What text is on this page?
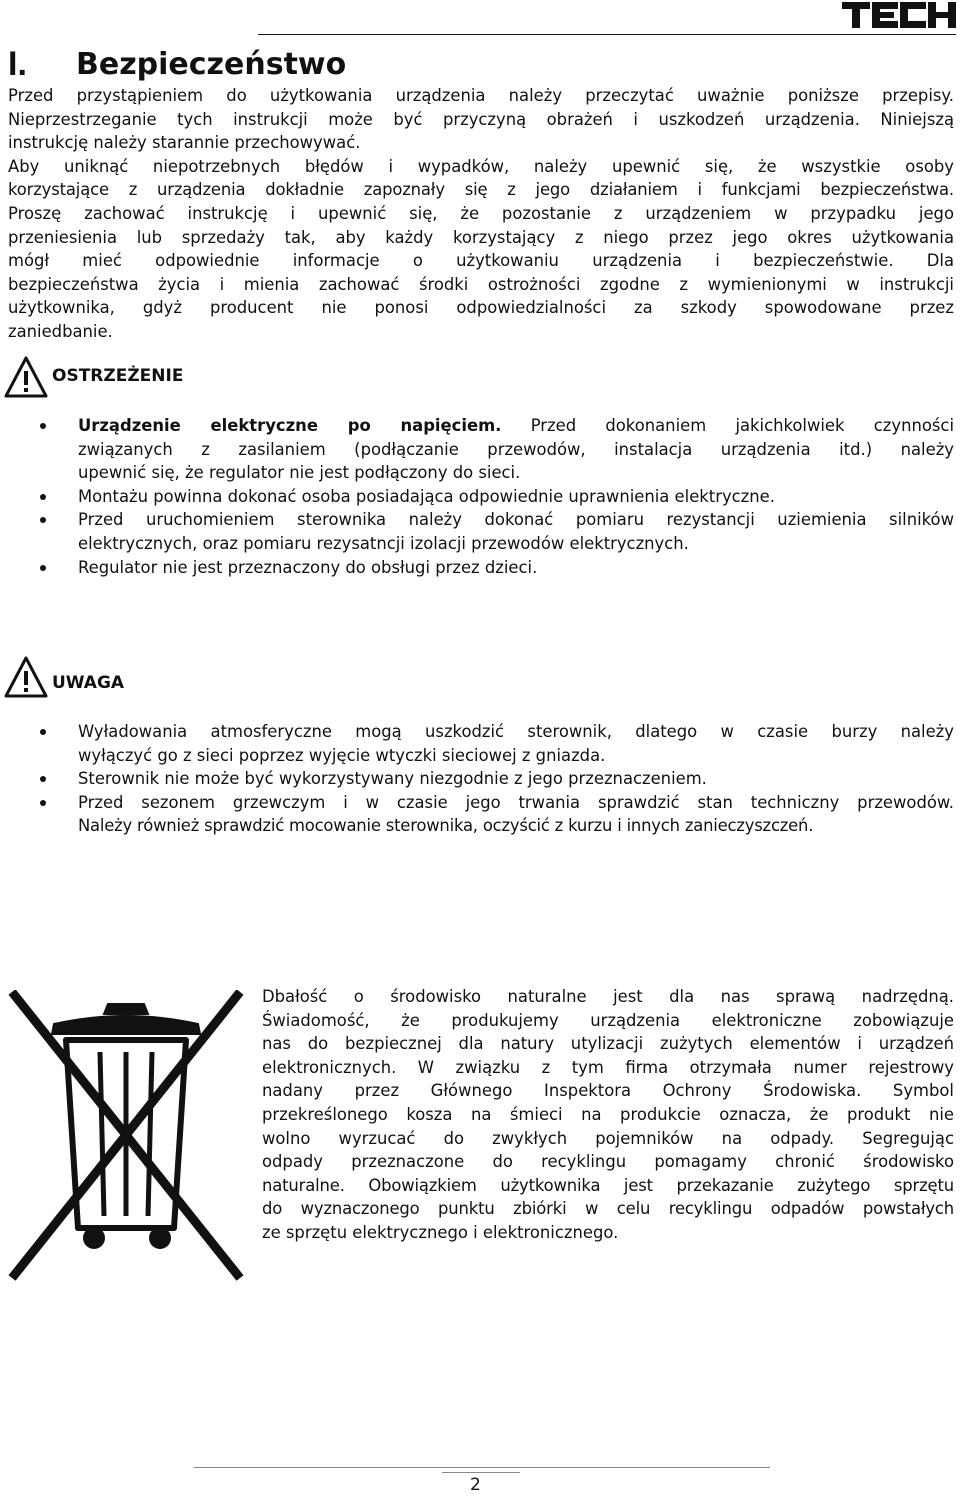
I. Bezpieczeństwo
Przed przystąpieniem do użytkowania urządzenia należy przeczytać uważnie poniższe przepisy.
Nieprzestrzeganie tych instrukcji może być przyczyną obrażeń i uszkodzeń urządzenia. Niniejszą
instrukcję należy starannie przechowywać.
Aby uniknąć niepotrzebnych błędów i wypadków, należy upewnić się, że wszystkie osoby
korzystające z urządzenia dokładnie zapoznały się z jego działaniem i funkcjami bezpieczeństwa.
Proszę zachować instrukcję i upewnić się, że pozostanie z urządzeniem w przypadku jego
przeniesienia lub sprzedaży tak, aby każdy korzystający z niego przez jego okres użytkowania
mógł mieć odpowiednie informacje o użytkowaniu urządzenia i bezpieczeństwie. Dla
bezpieczeństwa życia i mienia zachować środki ostrożności zgodne z wymienionymi w instrukcji
użytkownika, gdyż producent nie ponosi odpowiedzialności za szkody spowodowane przez
zaniedbanie.
OSTRZEŻENIE
Urządzenie elektryczne po napięciem. Przed dokonaniem jakichkolwiek czynności
związanych z zasilaniem (podłączanie przewodów, instalacja urządzenia itd.) należy
upewnić się, że regulator nie jest podłączony do sieci.
Montażu powinna dokonać osoba posiadająca odpowiednie uprawnienia elektryczne.
Przed uruchomieniem sterownika należy dokonać pomiaru rezystancji uziemienia silników
elektrycznych, oraz pomiaru rezysatncji izolacji przewodów elektrycznych.
Regulator nie jest przeznaczony do obsługi przez dzieci.
UWAGA
Wyładowania atmosferyczne mogą uszkodzić sterownik, dlatego w czasie burzy należy
wyłączyć go z sieci poprzez wyjęcie wtyczki sieciowej z gniazda.
Sterownik nie może być wykorzystywany niezgodnie z jego przeznaczeniem.
Przed sezonem grzewczym i w czasie jego trwania sprawdzić stan techniczny przewodów.
Należy również sprawdzić mocowanie sterownika, oczyścić z kurzu i innych zanieczyszczeń.
Dbałość o środowisko naturalne jest dla nas sprawą nadrzędną.
Świadomość, że produkujemy urządzenia elektroniczne zobowiązuje
nas do bezpiecznej dla natury utylizacji zużytych elementów i urządzeń
elektronicznych. W związku z tym firma otrzymała numer rejestrowy
nadany przez Głównego Inspektora Ochrony Środowiska. Symbol
przekreślonego kosza na śmieci na produkcie oznacza, że produkt nie
wolno wyrzucać do zwykłych pojemników na odpady. Segregując
odpady przeznaczone do recyklingu pomagamy chronić środowisko
naturalne. Obowiązkiem użytkownika jest przekazanie zużytego sprzętu
do wyznaczonego punktu zbiórki w celu recyklingu odpadów powstałych
ze sprzętu elektrycznego i elektronicznego.
2
